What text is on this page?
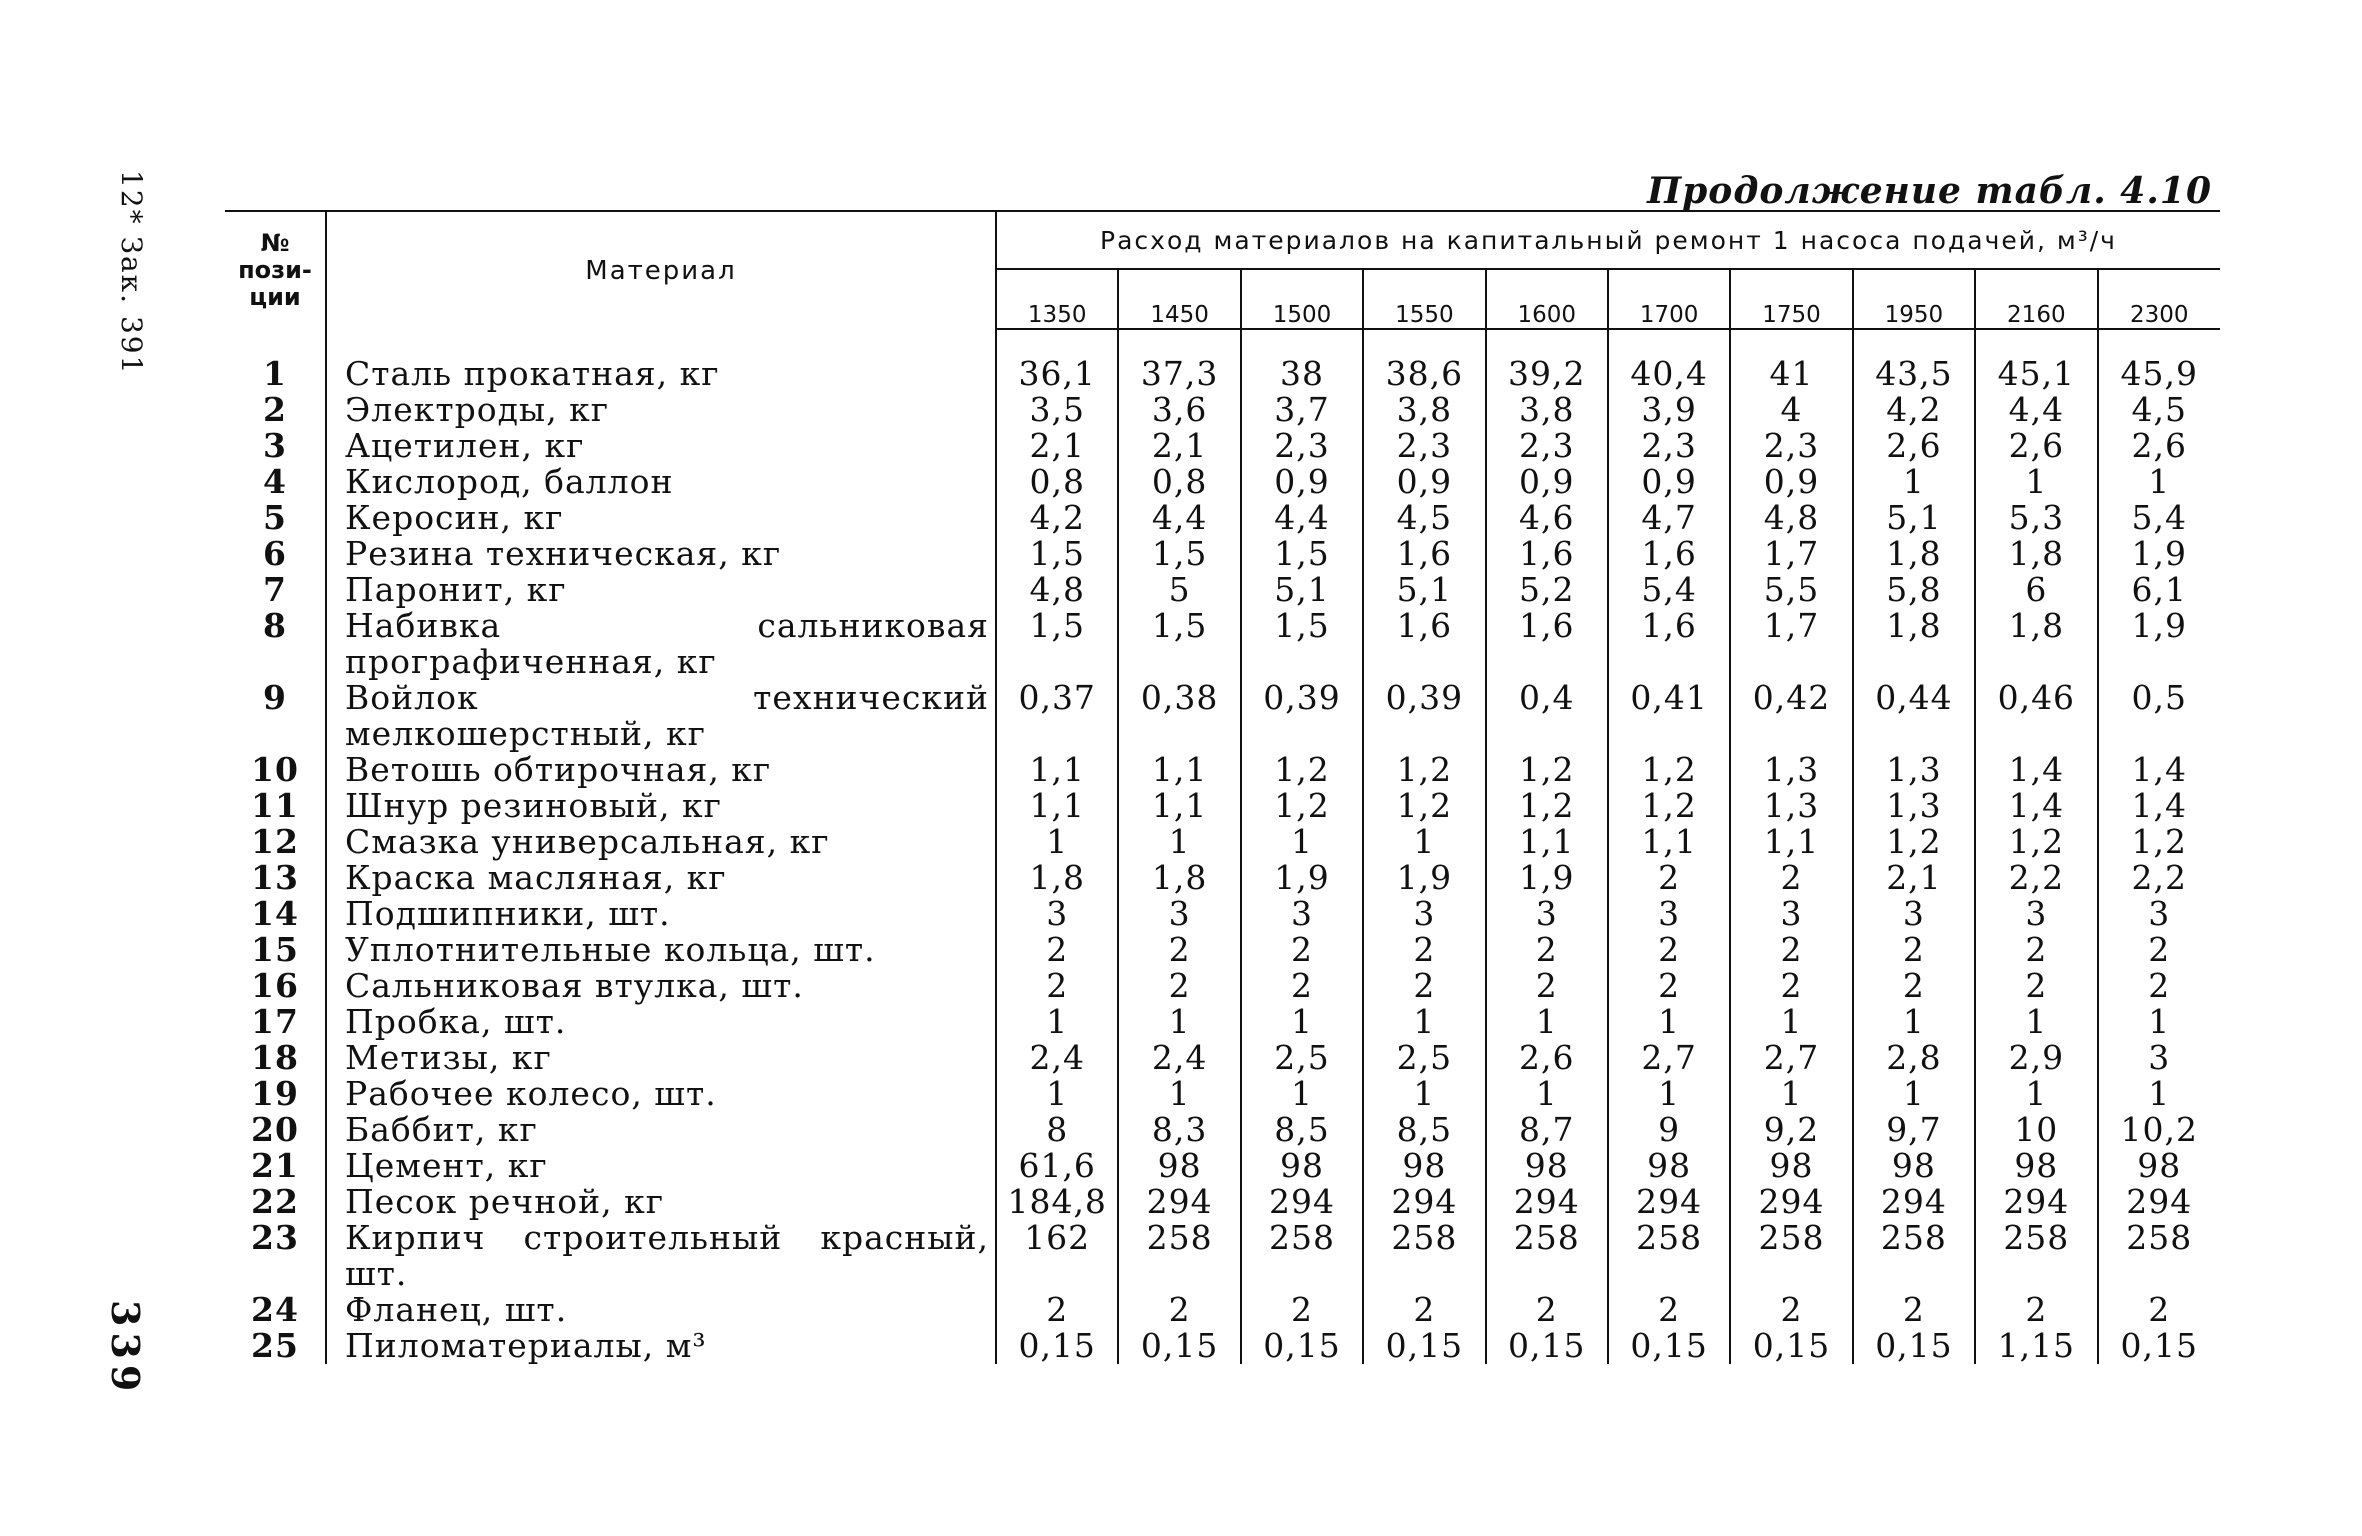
12* Зак. 391
339
Продолжение табл. 4.10
№
пози-
ции	Материал	Расход материалов на капитальный ремонт 1 насоса подачей, м³/ч									
		1350	1450	1500	1550	1600	1700	1750	1950	2160	2300

1	Сталь прокатная, кг	36,1	37,3	38	38,6	39,2	40,4	41	43,5	45,1	45,9
2	Электроды, кг	3,5	3,6	3,7	3,8	3,8	3,9	4	4,2	4,4	4,5
3	Ацетилен, кг	2,1	2,1	2,3	2,3	2,3	2,3	2,3	2,6	2,6	2,6
4	Кислород, баллон	0,8	0,8	0,9	0,9	0,9	0,9	0,9	1	1	1
5	Керосин, кг	4,2	4,4	4,4	4,5	4,6	4,7	4,8	5,1	5,3	5,4
6	Резина техническая, кг	1,5	1,5	1,5	1,6	1,6	1,6	1,7	1,8	1,8	1,9
7	Паронит, кг	4,8	5	5,1	5,1	5,2	5,4	5,5	5,8	6	6,1
8	Набивка сальниковая прографиченная, кг	1,5	1,5	1,5	1,6	1,6	1,6	1,7	1,8	1,8	1,9
9	Войлок технический мелкошерстный, кг	0,37	0,38	0,39	0,39	0,4	0,41	0,42	0,44	0,46	0,5
10	Ветошь обтирочная, кг	1,1	1,1	1,2	1,2	1,2	1,2	1,3	1,3	1,4	1,4
11	Шнур резиновый, кг	1,1	1,1	1,2	1,2	1,2	1,2	1,3	1,3	1,4	1,4
12	Смазка универсальная, кг	1	1	1	1	1,1	1,1	1,1	1,2	1,2	1,2
13	Краска масляная, кг	1,8	1,8	1,9	1,9	1,9	2	2	2,1	2,2	2,2
14	Подшипники, шт.	3	3	3	3	3	3	3	3	3	3
15	Уплотнительные кольца, шт.	2	2	2	2	2	2	2	2	2	2
16	Сальниковая втулка, шт.	2	2	2	2	2	2	2	2	2	2
17	Пробка, шт.	1	1	1	1	1	1	1	1	1	1
18	Метизы, кг	2,4	2,4	2,5	2,5	2,6	2,7	2,7	2,8	2,9	3
19	Рабочее колесо, шт.	1	1	1	1	1	1	1	1	1	1
20	Баббит, кг	8	8,3	8,5	8,5	8,7	9	9,2	9,7	10	10,2
21	Цемент, кг	61,6	98	98	98	98	98	98	98	98	98
22	Песок речной, кг	184,8	294	294	294	294	294	294	294	294	294
23	Кирпич строительный красный, шт.	162	258	258	258	258	258	258	258	258	258
24	Фланец, шт.	2	2	2	2	2	2	2	2	2	2
25	Пиломатериалы, м³	0,15	0,15	0,15	0,15	0,15	0,15	0,15	0,15	1,15	0,15
